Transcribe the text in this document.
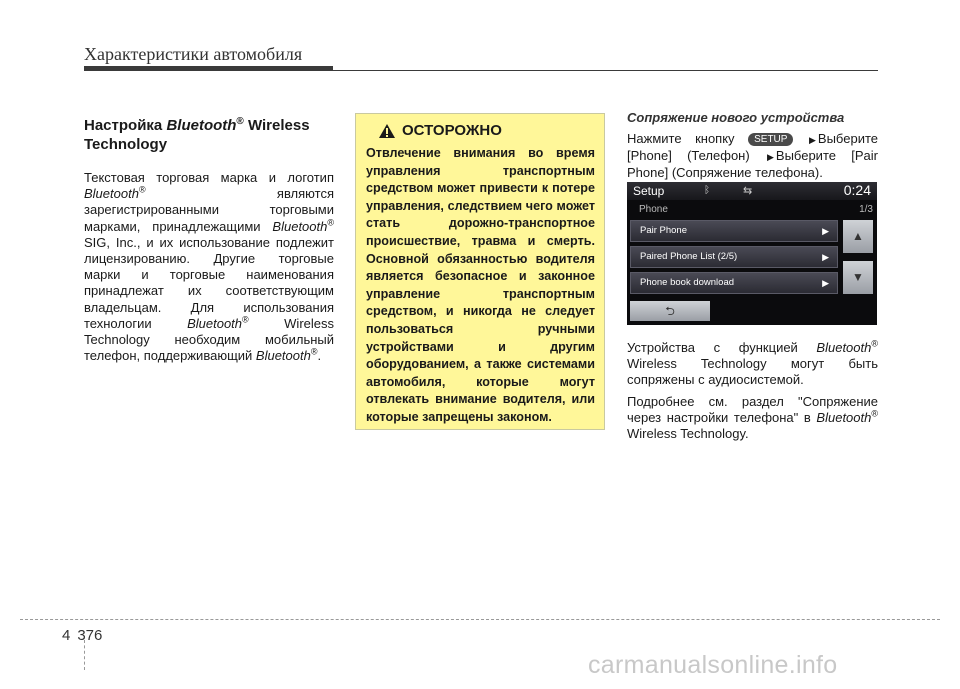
Характеристики автомобиля
Настройка Bluetooth® Wireless Technology

Текстовая торговая марка и логотип Bluetooth® являются зарегистрированными торговыми марками, принадлежащими Bluetooth® SIG, Inc., и их использование подлежит лицензированию. Другие торговые марки и торговые наименования принадлежат их соответствующим владельцам. Для использования технологии Bluetooth® Wireless Technology необходим мобильный телефон, поддерживающий Bluetooth®.

ОСТОРОЖНО

Отвлечение внимания во время управления транспортным средством может привести к потере управления, следствием чего может стать дорожно-транспортное происшествие, травма и смерть. Основной обязанностью водителя является безопасное и законное управление транспортным средством, и никогда не следует пользоваться ручными устройствами и другим оборудованием, а также системами автомобиля, которые могут отвлекать внимание водителя, или которые запрещены законом.

Сопряжение нового устройства

Нажмите кнопку SETUP ▶ Выберите [Phone] (Телефон) ▶ Выберите [Pair Phone] (Сопряжение телефона).

Setup	ᛒ	⇆	0:24
Phone	1/3
Pair Phone	▶
Paired Phone List (2/5)	▶
Phone book download	▶
▲
▼
⮌

Устройства с функцией Bluetooth® Wireless Technology могут быть сопряжены с аудиосистемой.

Подробнее см. раздел "Сопряжение через настройки телефона" в Bluetooth® Wireless Technology.

4 376
carmanualsonline.info
